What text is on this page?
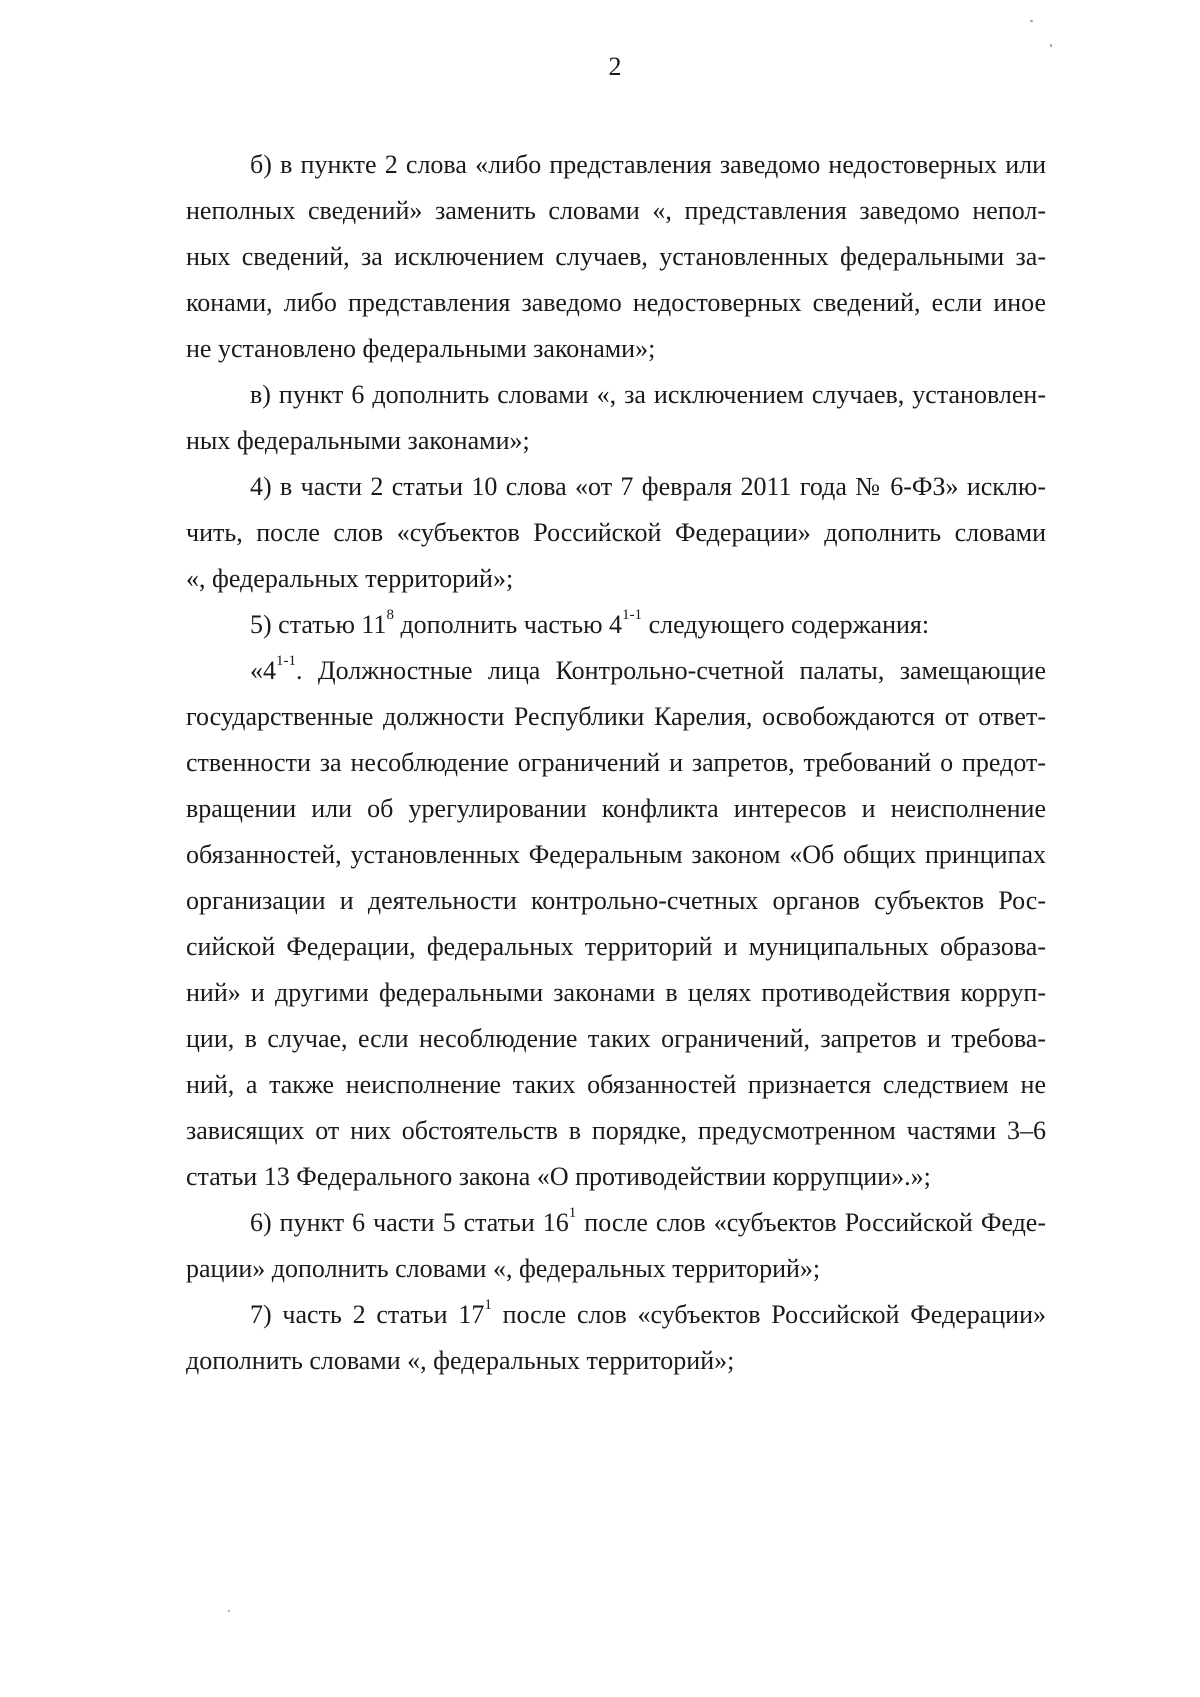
2
б) в пункте 2 слова «либо представления заведомо недостоверных или
неполных сведений» заменить словами «, представления заведомо непол-
ных сведений, за исключением случаев, установленных федеральными за-
конами, либо представления заведомо недостоверных сведений, если иное
не установлено федеральными законами»;
в) пункт 6 дополнить словами «, за исключением случаев, установлен-
ных федеральными законами»;
4) в части 2 статьи 10 слова «от 7 февраля 2011 года № 6-ФЗ» исклю-
чить, после слов «субъектов Российской Федерации» дополнить словами
«, федеральных территорий»;
5) статью $11^8$ дополнить частью 4$^{1-1}$ следующего содержания:
«4$^{1-1}$. Должностные лица Контрольно-счетной палаты, замещающие
государственные должности Республики Карелия, освобождаются от ответ-
ственности за несоблюдение ограничений и запретов, требований о предот-
вращении или об урегулировании конфликта интересов и неисполнение
обязанностей, установленных Федеральным законом «Об общих принципах
организации и деятельности контрольно-счетных органов субъектов Рос-
сийской Федерации, федеральных территорий и муниципальных образова-
ний» и другими федеральными законами в целях противодействия корруп-
ции, в случае, если несоблюдение таких ограничений, запретов и требова-
ний, а также неисполнение таких обязанностей признается следствием не
зависящих от них обстоятельств в порядке, предусмотренном частями 3–6
статьи 13 Федерального закона «О противодействии коррупции».»;
6) пункт 6 части 5 статьи $16^1$ после слов «субъектов Российской Феде-
рации» дополнить словами «, федеральных территорий»;
7) часть 2 статьи $17^1$ после слов «субъектов Российской Федерации»
дополнить словами «, федеральных территорий»;
